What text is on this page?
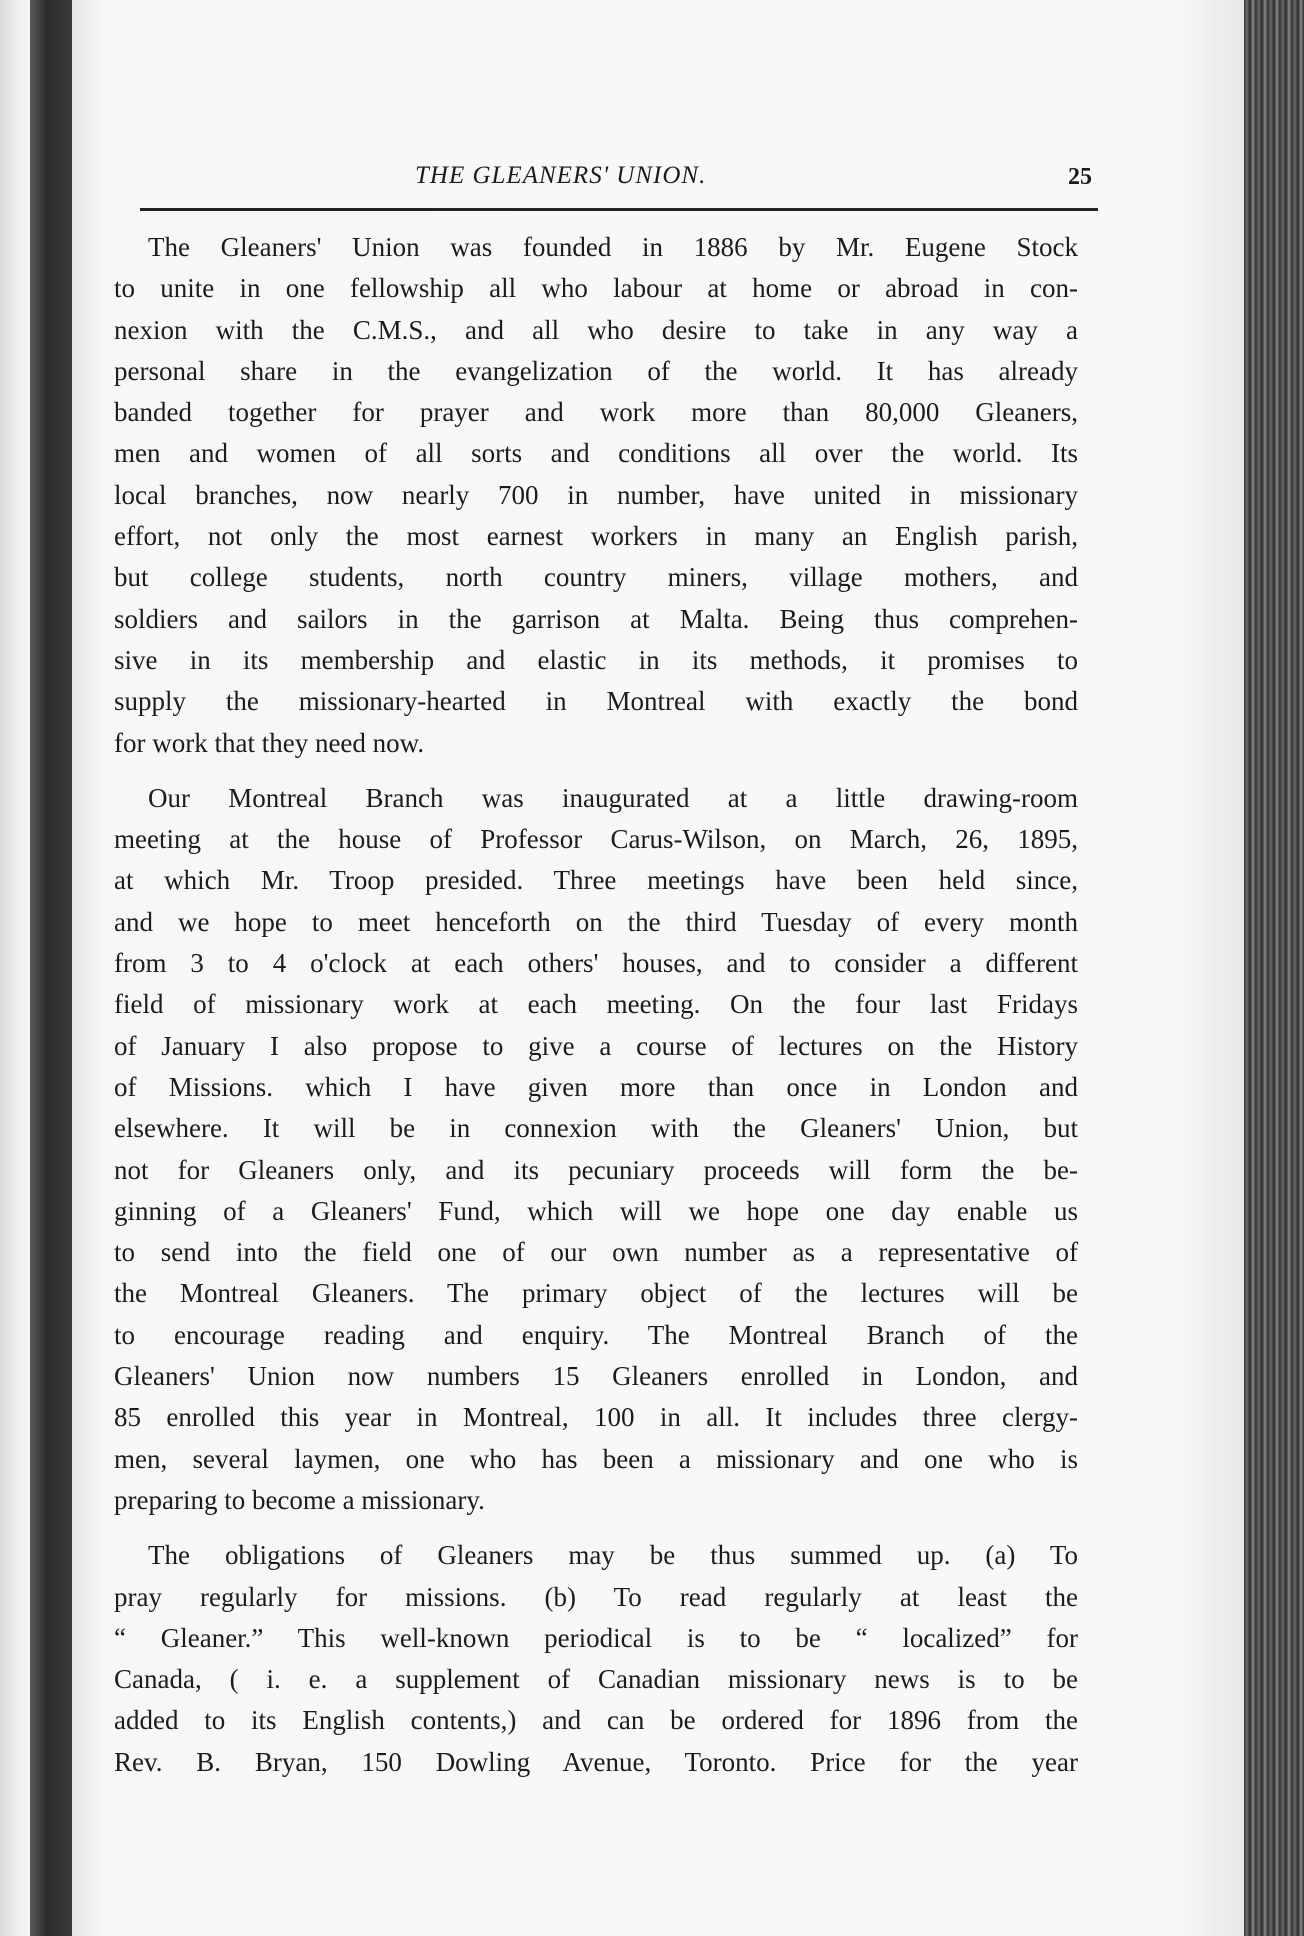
THE GLEANERS' UNION.	25
The Gleaners' Union was founded in 1886 by Mr. Eugene Stock
to unite in one fellowship all who labour at home or abroad in con-
nexion with the C.M.S., and all who desire to take in any way a
personal share in the evangelization of the world. It has already
banded together for prayer and work more than 80,000 Gleaners,
men and women of all sorts and conditions all over the world. Its
local branches, now nearly 700 in number, have united in missionary
effort, not only the most earnest workers in many an English parish,
but college students, north country miners, village mothers, and
soldiers and sailors in the garrison at Malta. Being thus comprehen-
sive in its membership and elastic in its methods, it promises to
supply the missionary-hearted in Montreal with exactly the bond
for work that they need now.
Our Montreal Branch was inaugurated at a little drawing-room
meeting at the house of Professor Carus-Wilson, on March, 26, 1895,
at which Mr. Troop presided. Three meetings have been held since,
and we hope to meet henceforth on the third Tuesday of every month
from 3 to 4 o'clock at each others' houses, and to consider a different
field of missionary work at each meeting. On the four last Fridays
of January I also propose to give a course of lectures on the History
of Missions. which I have given more than once in London and
elsewhere. It will be in connexion with the Gleaners' Union, but
not for Gleaners only, and its pecuniary proceeds will form the be-
ginning of a Gleaners' Fund, which will we hope one day enable us
to send into the field one of our own number as a representative of
the Montreal Gleaners. The primary object of the lectures will be
to encourage reading and enquiry. The Montreal Branch of the
Gleaners' Union now numbers 15 Gleaners enrolled in London, and
85 enrolled this year in Montreal, 100 in all. It includes three clergy-
men, several laymen, one who has been a missionary and one who is
preparing to become a missionary.
The obligations of Gleaners may be thus summed up. (a) To
pray regularly for missions. (b) To read regularly at least the
“ Gleaner.” This well-known periodical is to be “ localized” for
Canada, ( i. e. a supplement of Canadian missionary news is to be
added to its English contents,) and can be ordered for 1896 from the
Rev. B. Bryan, 150 Dowling Avenue, Toronto. Price for the year
